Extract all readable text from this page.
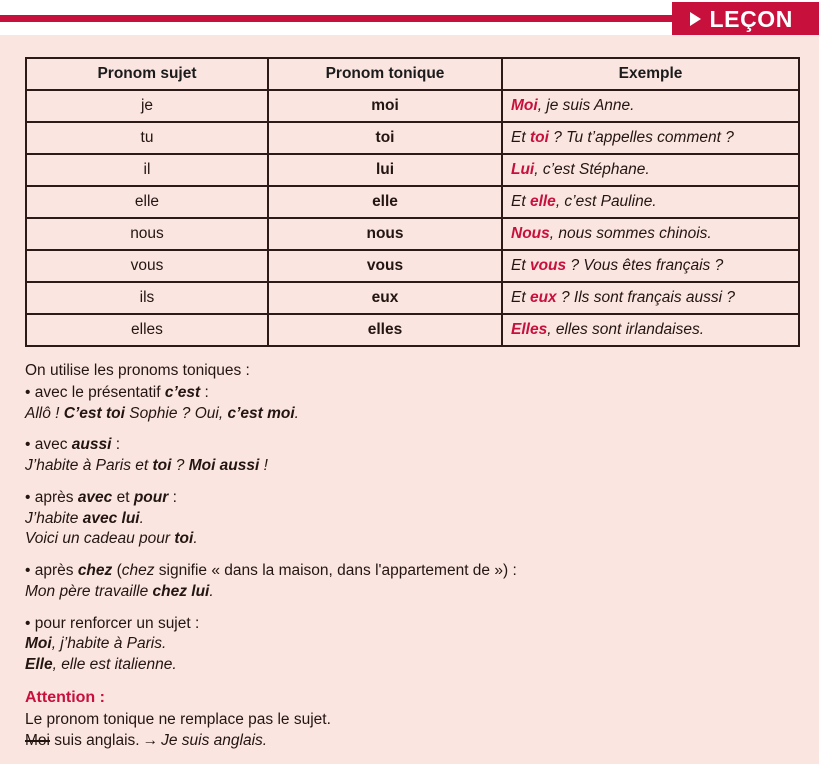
LEÇON
Pronom sujet	Pronom tonique	Exemple
je	moi	Moi, je suis Anne.
tu	toi	Et toi ? Tu t’appelles comment ?
il	lui	Lui, c’est Stéphane.
elle	elle	Et elle, c’est Pauline.
nous	nous	Nous, nous sommes chinois.
vous	vous	Et vous ? Vous êtes français ?
ils	eux	Et eux ? Ils sont français aussi ?
elles	elles	Elles, elles sont irlandaises.

On utilise les pronoms toniques :

• avec le présentatif c’est :

Allô ! C’est toi Sophie ? Oui, c’est moi.

• avec aussi :

J’habite à Paris et toi ? Moi aussi !

• après avec et pour :

J’habite avec lui.

Voici un cadeau pour toi.

• après chez (chez signifie « dans la maison, dans l'appartement de ») :

Mon père travaille chez lui.

• pour renforcer un sujet :

Moi, j’habite à Paris.

Elle, elle est italienne.

Attention :

Le pronom tonique ne remplace pas le sujet.

Moi suis anglais. → Je suis anglais.
